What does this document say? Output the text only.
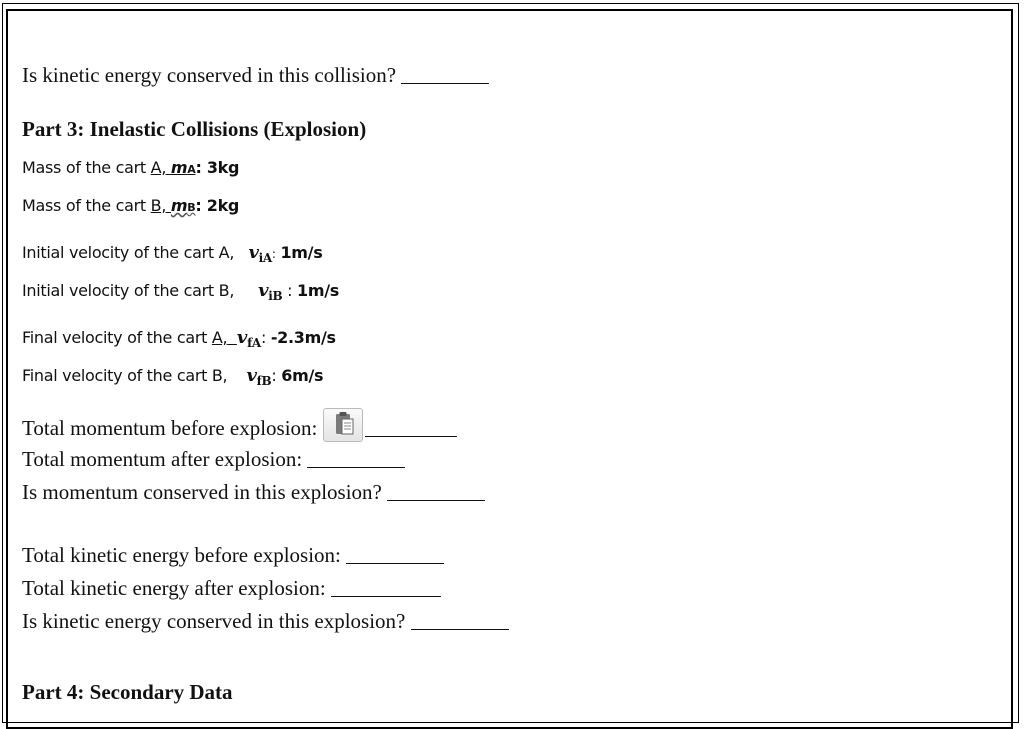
Is kinetic energy conserved in this collision?
Part 3: Inelastic Collisions (Explosion)
Mass of the cart A, mA: 3kg
Mass of the cart B, mB: 2kg
Initial velocity of the cart A, $v_{iA}$: 1m/s
Initial velocity of the cart B, $v_{iB}$ : 1m/s
Final velocity of the cart A, $v_{fA}$: -2.3m/s
Final velocity of the cart B, $v_{fB}$: 6m/s
Total momentum before explosion:
Total momentum after explosion:
Is momentum conserved in this explosion?
Total kinetic energy before explosion:
Total kinetic energy after explosion:
Is kinetic energy conserved in this explosion?
Part 4: Secondary Data
